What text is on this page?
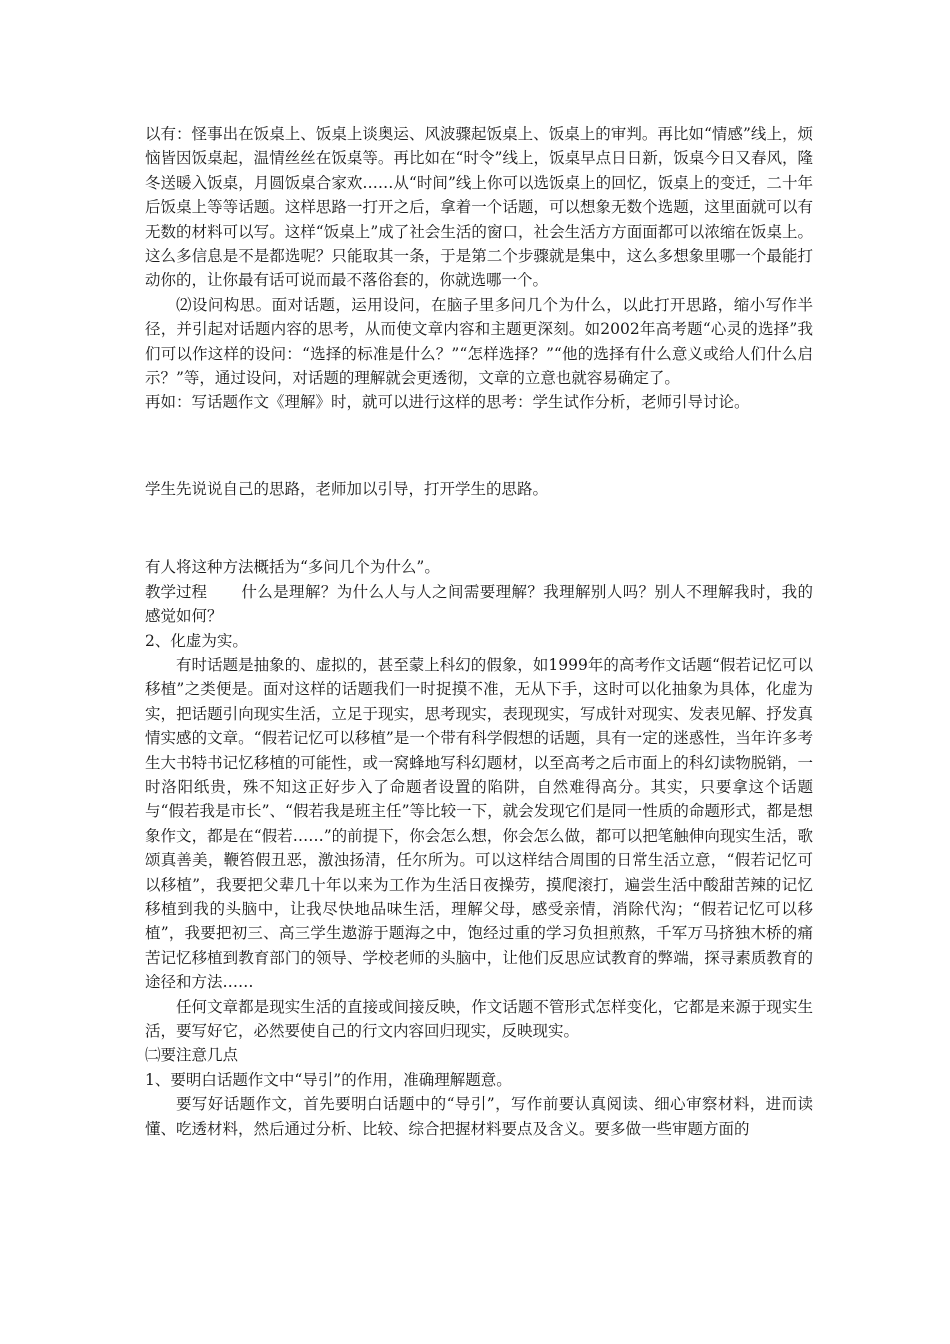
以有：怪事出在饭桌上、饭桌上谈奥运、风波骤起饭桌上、饭桌上的审判。再比如“情感”线上，烦恼皆因饭桌起，温情丝丝在饭桌等。再比如在“时令”线上，饭桌早点日日新，饭桌今日又春风，隆冬送暖入饭桌，月圆饭桌合家欢……从“时间”线上你可以选饭桌上的回忆，饭桌上的变迁，二十年后饭桌上等等话题。这样思路一打开之后，拿着一个话题，可以想象无数个选题，这里面就可以有无数的材料可以写。这样“饭桌上”成了社会生活的窗口，社会生活方方面面都可以浓缩在饭桌上。这么多信息是不是都选呢？只能取其一条，于是第二个步骤就是集中，这么多想象里哪一个最能打动你的，让你最有话可说而最不落俗套的，你就选哪一个。

⑵设问构思。面对话题，运用设问，在脑子里多问几个为什么，以此打开思路，缩小写作半径，并引起对话题内容的思考，从而使文章内容和主题更深刻。如2002年高考题“心灵的选择”我们可以作这样的设问：“选择的标准是什么？”“怎样选择？”“他的选择有什么意义或给人们什么启示？”等，通过设问，对话题的理解就会更透彻，文章的立意也就容易确定了。

再如：写话题作文《理解》时，就可以进行这样的思考：学生试作分析，老师引导讨论。

学生先说说自己的思路，老师加以引导，打开学生的思路。

有人将这种方法概括为“多问几个为什么”。

教学过程 什么是理解？为什么人与人之间需要理解？我理解别人吗？别人不理解我时，我的感觉如何？

2、化虚为实。

有时话题是抽象的、虚拟的，甚至蒙上科幻的假象，如1999年的高考作文话题“假若记忆可以移植”之类便是。面对这样的话题我们一时捉摸不准，无从下手，这时可以化抽象为具体，化虚为实，把话题引向现实生活，立足于现实，思考现实，表现现实，写成针对现实、发表见解、抒发真情实感的文章。“假若记忆可以移植”是一个带有科学假想的话题，具有一定的迷惑性，当年许多考生大书特书记忆移植的可能性，或一窝蜂地写科幻题材，以至高考之后市面上的科幻读物脱销，一时洛阳纸贵，殊不知这正好步入了命题者设置的陷阱，自然难得高分。其实，只要拿这个话题与“假若我是市长”、“假若我是班主任”等比较一下，就会发现它们是同一性质的命题形式，都是想象作文，都是在“假若……”的前提下，你会怎么想，你会怎么做，都可以把笔触伸向现实生活，歌颂真善美，鞭笞假丑恶，激浊扬清，任尔所为。可以这样结合周围的日常生活立意，“假若记忆可以移植”，我要把父辈几十年以来为工作为生活日夜操劳，摸爬滚打，遍尝生活中酸甜苦辣的记忆移植到我的头脑中，让我尽快地品味生活，理解父母，感受亲情，消除代沟；“假若记忆可以移植”，我要把初三、高三学生遨游于题海之中，饱经过重的学习负担煎熬，千军万马挤独木桥的痛苦记忆移植到教育部门的领导、学校老师的头脑中，让他们反思应试教育的弊端，探寻素质教育的途径和方法……

任何文章都是现实生活的直接或间接反映，作文话题不管形式怎样变化，它都是来源于现实生活，要写好它，必然要使自己的行文内容回归现实，反映现实。

㈡要注意几点

1、要明白话题作文中“导引”的作用，准确理解题意。

要写好话题作文，首先要明白话题中的“导引”，写作前要认真阅读、细心审察材料，进而读懂、吃透材料，然后通过分析、比较、综合把握材料要点及含义。要多做一些审题方面的
